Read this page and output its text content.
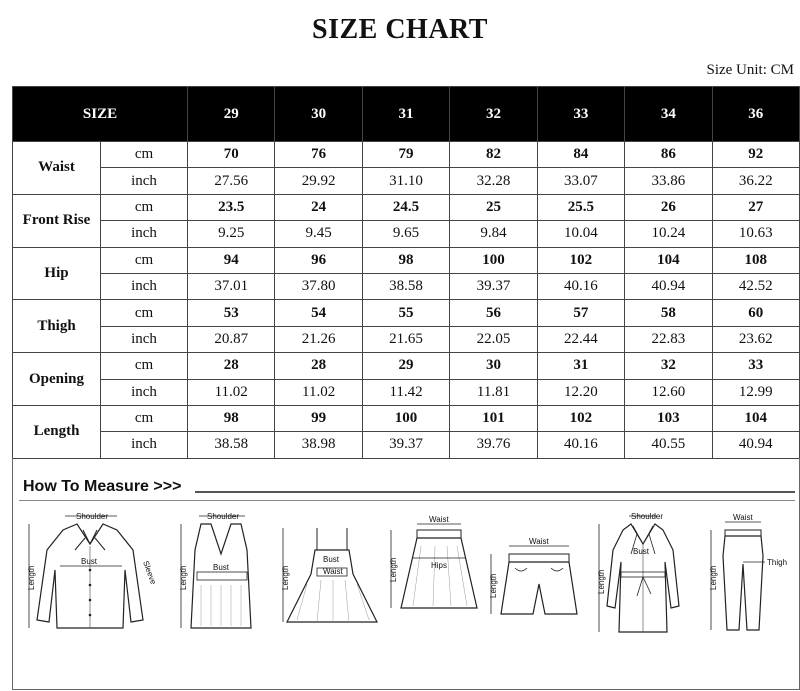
SIZE CHART
Size Unit: CM
SIZE		29	30	31	32	33	34	36
Waist	cm	70	76	79	82	84	86	92
	inch	27.56	29.92	31.10	32.28	33.07	33.86	36.22
Front Rise	cm	23.5	24	24.5	25	25.5	26	27
	inch	9.25	9.45	9.65	9.84	10.04	10.24	10.63
Hip	cm	94	96	98	100	102	104	108
	inch	37.01	37.80	38.58	39.37	40.16	40.94	42.52
Thigh	cm	53	54	55	56	57	58	60
	inch	20.87	21.26	21.65	22.05	22.44	22.83	23.62
Opening	cm	28	28	29	30	31	32	33
	inch	11.02	11.02	11.42	11.81	12.20	12.60	12.99
Length	cm	98	99	100	101	102	103	104
	inch	38.58	38.98	39.37	39.76	40.16	40.55	40.94
How To Measure >>>
Shoulder
Bust
Length	Sleeve
Shoulder
Bust
Length
Bust
Waist
Length
Waist
Hips
Length
Waist
Length
Shoulder
Bust
Length
Waist
Thigh
Length
